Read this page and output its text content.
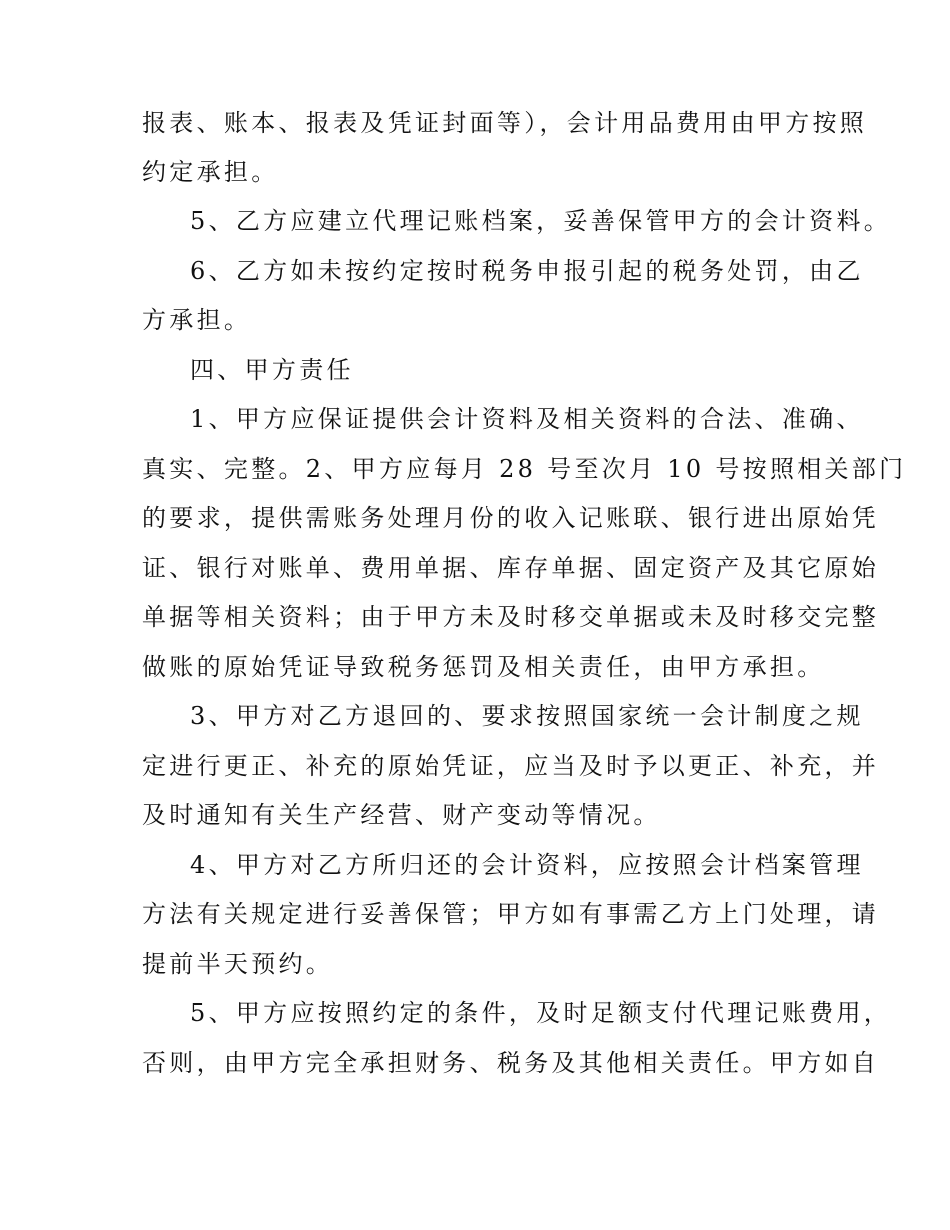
报表、账本、报表及凭证封面等），会计用品费用由甲方按照

约定承担。

5、乙方应建立代理记账档案，妥善保管甲方的会计资料。

6、乙方如未按约定按时税务申报引起的税务处罚，由乙

方承担。

四、甲方责任

1、甲方应保证提供会计资料及相关资料的合法、准确、

真实、完整。2、甲方应每月 28 号至次月 10 号按照相关部门

的要求，提供需账务处理月份的收入记账联、银行进出原始凭

证、银行对账单、费用单据、库存单据、固定资产及其它原始

单据等相关资料；由于甲方未及时移交单据或未及时移交完整

做账的原始凭证导致税务惩罚及相关责任，由甲方承担。

3、甲方对乙方退回的、要求按照国家统一会计制度之规

定进行更正、补充的原始凭证，应当及时予以更正、补充，并

及时通知有关生产经营、财产变动等情况。

4、甲方对乙方所归还的会计资料，应按照会计档案管理

方法有关规定进行妥善保管；甲方如有事需乙方上门处理，请

提前半天预约。

5、甲方应按照约定的条件，及时足额支付代理记账费用，

否则，由甲方完全承担财务、税务及其他相关责任。甲方如自
